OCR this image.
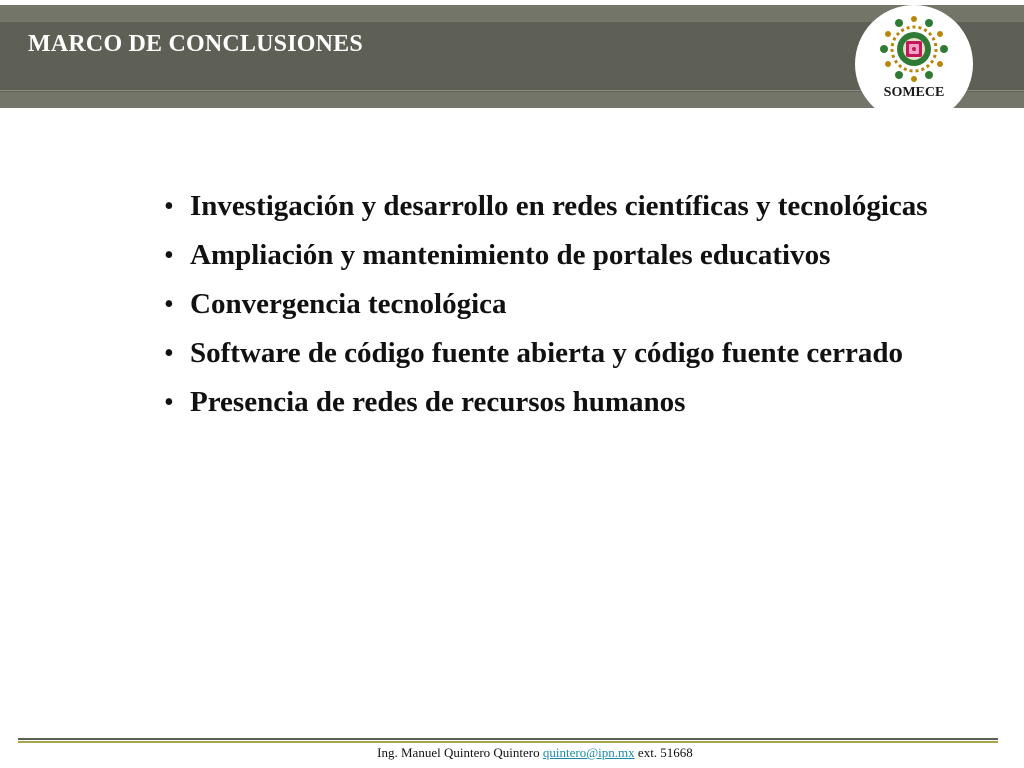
MARCO DE CONCLUSIONES
SOMECE
• Investigación y desarrollo en redes científicas y tecnológicas
• Ampliación y mantenimiento de portales educativos
• Convergencia tecnológica
• Software de código fuente abierta y código fuente cerrado
• Presencia de redes de recursos humanos
Ing. Manuel Quintero Quintero quintero@ipn.mx ext. 51668
